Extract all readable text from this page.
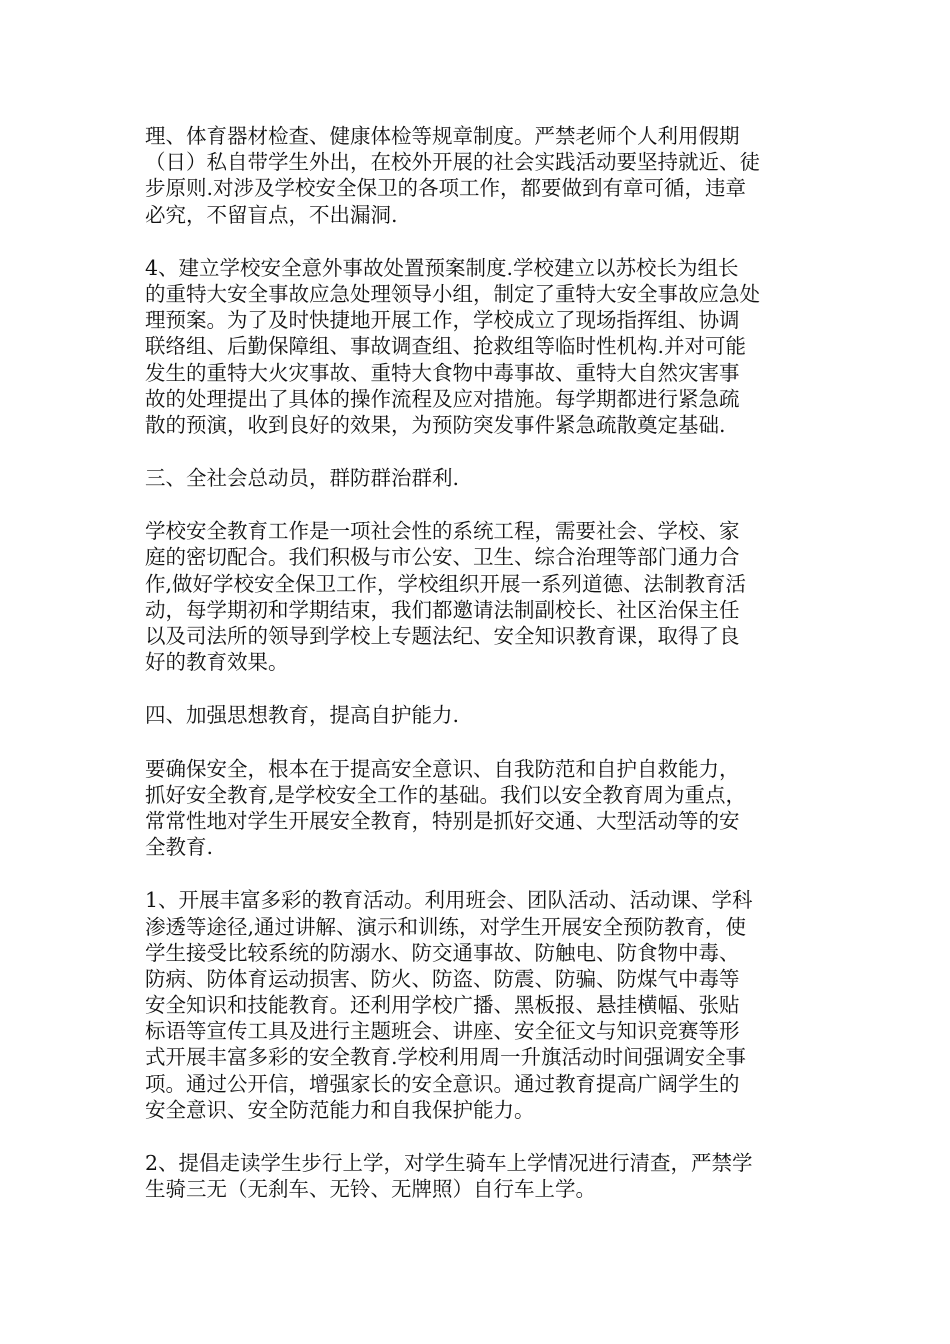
理、体育器材检查、健康体检等规章制度。严禁老师个人利用假期
（日）私自带学生外出，在校外开展的社会实践活动要坚持就近、徒
步原则.对涉及学校安全保卫的各项工作，都要做到有章可循，违章
必究，不留盲点，不出漏洞.
4、建立学校安全意外事故处置预案制度.学校建立以苏校长为组长
的重特大安全事故应急处理领导小组，制定了重特大安全事故应急处
理预案。为了及时快捷地开展工作，学校成立了现场指挥组、协调
联络组、后勤保障组、事故调查组、抢救组等临时性机构.并对可能
发生的重特大火灾事故、重特大食物中毒事故、重特大自然灾害事
故的处理提出了具体的操作流程及应对措施。每学期都进行紧急疏
散的预演，收到良好的效果，为预防突发事件紧急疏散奠定基础.
三、全社会总动员，群防群治群利.
学校安全教育工作是一项社会性的系统工程，需要社会、学校、家
庭的密切配合。我们积极与市公安、卫生、综合治理等部门通力合
作,做好学校安全保卫工作，学校组织开展一系列道德、法制教育活
动，每学期初和学期结束，我们都邀请法制副校长、社区治保主任
以及司法所的领导到学校上专题法纪、安全知识教育课，取得了良
好的教育效果。
四、加强思想教育，提高自护能力.
要确保安全，根本在于提高安全意识、自我防范和自护自救能力，
抓好安全教育,是学校安全工作的基础。我们以安全教育周为重点，
常常性地对学生开展安全教育，特别是抓好交通、大型活动等的安
全教育.
1、开展丰富多彩的教育活动。利用班会、团队活动、活动课、学科
渗透等途径,通过讲解、演示和训练，对学生开展安全预防教育，使
学生接受比较系统的防溺水、防交通事故、防触电、防食物中毒、
防病、防体育运动损害、防火、防盗、防震、防骗、防煤气中毒等
安全知识和技能教育。还利用学校广播、黑板报、悬挂横幅、张贴
标语等宣传工具及进行主题班会、讲座、安全征文与知识竞赛等形
式开展丰富多彩的安全教育.学校利用周一升旗活动时间强调安全事
项。通过公开信，增强家长的安全意识。通过教育提高广阔学生的
安全意识、安全防范能力和自我保护能力。
2、提倡走读学生步行上学，对学生骑车上学情况进行清查，严禁学
生骑三无（无刹车、无铃、无牌照）自行车上学。
